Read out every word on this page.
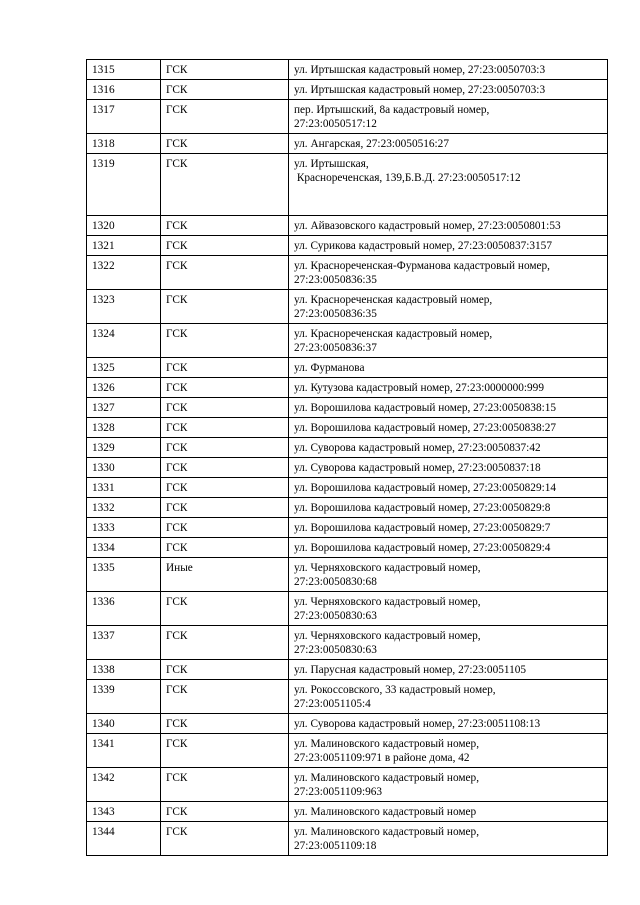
1315	ГСК	ул. Иртышская кадастровый номер, 27:23:0050703:3
1316	ГСК	ул. Иртышская кадастровый номер, 27:23:0050703:3
1317	ГСК	пер. Иртышский, 8а кадастровый номер,
27:23:0050517:12
1318	ГСК	ул. Ангарская, 27:23:0050516:27
1319	ГСК	ул. Иртышская,
Краснореченская, 139,Б.В.Д. 27:23:0050517:12

1320	ГСК	ул. Айвазовского кадастровый номер, 27:23:0050801:53
1321	ГСК	ул. Сурикова кадастровый номер, 27:23:0050837:3157
1322	ГСК	ул. Краснореченская-Фурманова кадастровый номер,
27:23:0050836:35
1323	ГСК	ул. Краснореченская кадастровый номер,
27:23:0050836:35
1324	ГСК	ул. Краснореченская кадастровый номер,
27:23:0050836:37
1325	ГСК	ул. Фурманова
1326	ГСК	ул. Кутузова кадастровый номер, 27:23:0000000:999
1327	ГСК	ул. Ворошилова кадастровый номер, 27:23:0050838:15
1328	ГСК	ул. Ворошилова кадастровый номер, 27:23:0050838:27
1329	ГСК	ул. Суворова кадастровый номер, 27:23:0050837:42
1330	ГСК	ул. Суворова кадастровый номер, 27:23:0050837:18
1331	ГСК	ул. Ворошилова кадастровый номер, 27:23:0050829:14
1332	ГСК	ул. Ворошилова кадастровый номер, 27:23:0050829:8
1333	ГСК	ул. Ворошилова кадастровый номер, 27:23:0050829:7
1334	ГСК	ул. Ворошилова кадастровый номер, 27:23:0050829:4
1335	Иные	ул. Черняховского кадастровый номер,
27:23:0050830:68
1336	ГСК	ул. Черняховского кадастровый номер,
27:23:0050830:63
1337	ГСК	ул. Черняховского кадастровый номер,
27:23:0050830:63
1338	ГСК	ул. Парусная кадастровый номер, 27:23:0051105
1339	ГСК	ул. Рокоссовского, 33 кадастровый номер,
27:23:0051105:4
1340	ГСК	ул. Суворова кадастровый номер, 27:23:0051108:13
1341	ГСК	ул. Малиновского кадастровый номер,
27:23:0051109:971 в районе дома, 42

1342	ГСК	ул. Малиновского кадастровый номер,
27:23:0051109:963
1343	ГСК	ул. Малиновского кадастровый номер
1344	ГСК	ул. Малиновского кадастровый номер,
27:23:0051109:18
